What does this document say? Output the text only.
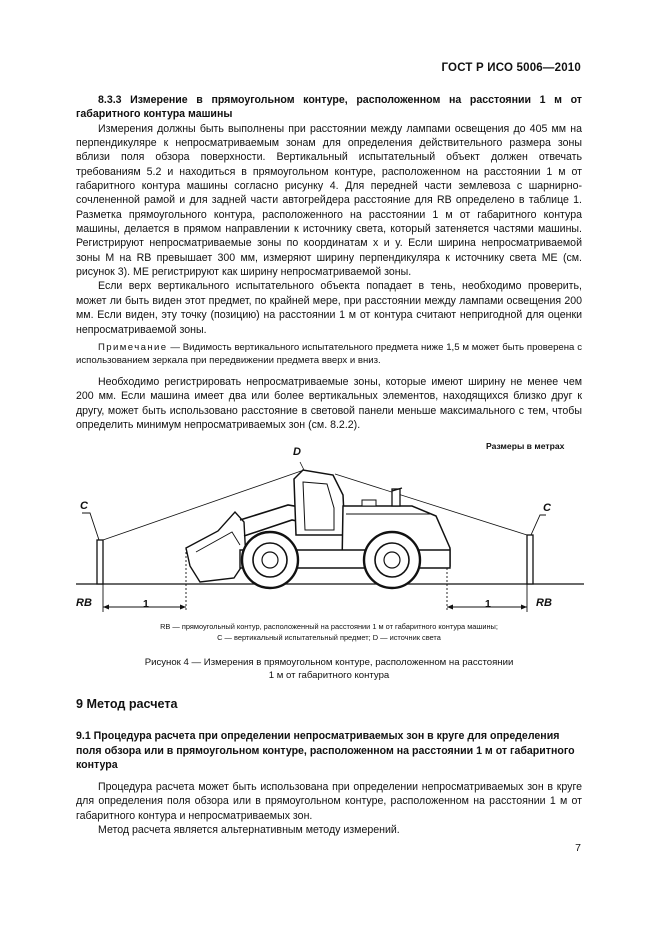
ГОСТ Р ИСО 5006—2010

8.3.3 Измерение в прямоугольном контуре, расположенном на расстоянии 1 м от габаритного контура машины

Измерения должны быть выполнены при расстоянии между лампами освещения до 405 мм на перпендикуляре к непросматриваемым зонам для определения действительного размера зоны вблизи поля обзора поверхности. Вертикальный испытательный объект должен отвечать требованиям 5.2 и находиться в прямоугольном контуре, расположенном на расстоянии 1 м от габаритного контура машины согласно рисунку 4. Для передней части землевоза с шарнирно-сочлененной рамой и для задней части автогрейдера расстояние для RB определено в таблице 1. Разметка прямоугольного контура, расположенного на расстоянии 1 м от габаритного контура машины, делается в прямом направлении к источнику света, который затеняется частями машины. Регистрируют непросматриваемые зоны по координатам x и y. Если ширина непросматриваемой зоны M на RB превышает 300 мм, измеряют ширину перпендикуляра к источнику света ME (см. рисунок 3). ME регистрируют как ширину непросматриваемой зоны.

Если верх вертикального испытательного объекта попадает в тень, необходимо проверить, может ли быть виден этот предмет, по крайней мере, при расстоянии между лампами освещения 200 мм. Если виден, эту точку (позицию) на расстоянии 1 м от контура считают непригодной для оценки непросматриваемой зоны.

Примечание — Видимость вертикального испытательного предмета ниже 1,5 м может быть проверена с использованием зеркала при передвижении предмета вверх и вниз.

Необходимо регистрировать непросматриваемые зоны, которые имеют ширину не менее чем 200 мм. Если машина имеет два или более вертикальных элементов, находящихся близко друг к другу, может быть использовано расстояние в световой панели меньше максимального с тем, чтобы определить минимум непросматриваемых зон (см. 8.2.2).

Размеры в метрах
D
C	C
RB	RB
1	1
RB — прямоугольный контур, расположенный на расстоянии 1 м от габаритного контура машины;
C — вертикальный испытательный предмет; D — источник света
Рисунок 4 — Измерения в прямоугольном контуре, расположенном на расстоянии
1 м от габаритного контура
9 Метод расчета
9.1 Процедура расчета при определении непросматриваемых зон в круге для определения поля обзора или в прямоугольном контуре, расположенном на расстоянии 1 м от габаритного контура

Процедура расчета может быть использована при определении непросматриваемых зон в круге для определения поля обзора или в прямоугольном контуре, расположенном на расстоянии 1 м от габаритного контура и непросматриваемых зон.

Метод расчета является альтернативным методу измерений.

7
